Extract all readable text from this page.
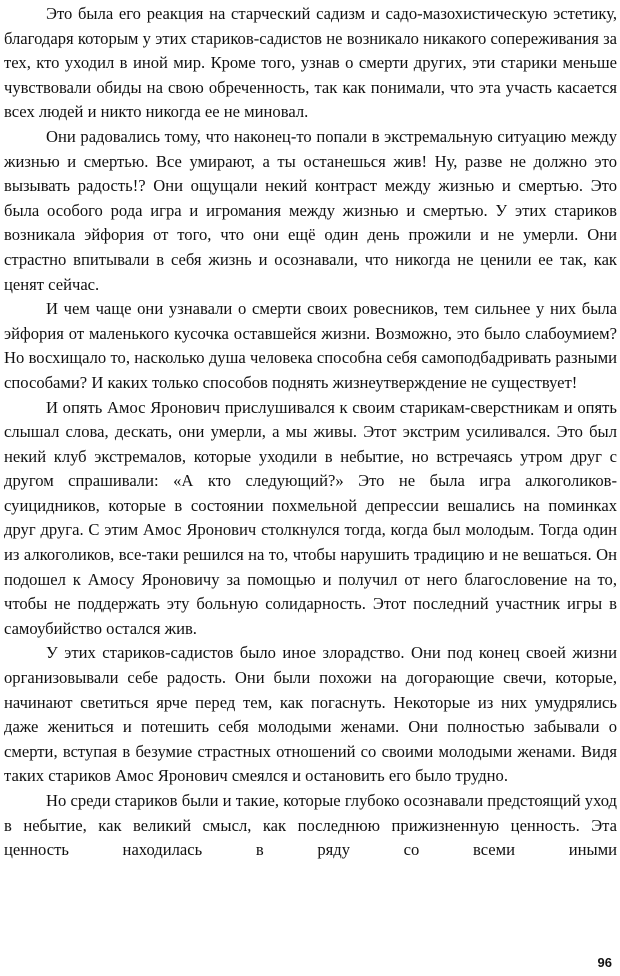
Это была его реакция на старческий садизм и садо-мазохистическую эстетику, благодаря которым у этих стариков-садистов не возникало никакого сопереживания за тех, кто уходил в иной мир. Кроме того, узнав о смерти других, эти старики меньше чувствовали обиды на свою обреченность, так как понимали, что эта участь касается всех людей и никто никогда ее не миновал.

Они радовались тому, что наконец-то попали в экстремальную ситуацию между жизнью и смертью. Все умирают, а ты останешься жив! Ну, разве не должно это вызывать радость!? Они ощущали некий контраст между жизнью и смертью. Это была особого рода игра и игромания между жизнью и смертью. У этих стариков возникала эйфория от того, что они ещё один день прожили и не умерли. Они страстно впитывали в себя жизнь и осознавали, что никогда не ценили ее так, как ценят сейчас.

И чем чаще они узнавали о смерти своих ровесников, тем сильнее у них была эйфория от маленького кусочка оставшейся жизни. Возможно, это было слабоумием? Но восхищало то, насколько душа человека способна себя самоподбадривать разными способами? И каких только способов поднять жизнеутверждение не существует!

И опять Амос Яронович прислушивался к своим старикам-сверстникам и опять слышал слова, дескать, они умерли, а мы живы. Этот экстрим усиливался. Это был некий клуб экстремалов, которые уходили в небытие, но встречаясь утром друг с другом спрашивали: «А кто следующий?» Это не была игра алкоголиков-суицидников, которые в состоянии похмельной депрессии вешались на поминках друг друга. С этим Амос Яронович столкнулся тогда, когда был молодым. Тогда один из алкоголиков, все-таки решился на то, чтобы нарушить традицию и не вешаться. Он подошел к Амосу Яроновичу за помощью и получил от него благословение на то, чтобы не поддержать эту больную солидарность. Этот последний участник игры в самоубийство остался жив.

У этих стариков-садистов было иное злорадство. Они под конец своей жизни организовывали себе радость. Они были похожи на догорающие свечи, которые, начинают светиться ярче перед тем, как погаснуть. Некоторые из них умудрялись даже жениться и потешить себя молодыми женами. Они полностью забывали о смерти, вступая в безумие страстных отношений со своими молодыми женами. Видя таких стариков Амос Яронович смеялся и остановить его было трудно.

Но среди стариков были и такие, которые глубоко осознавали предстоящий уход в небытие, как великий смысл, как последнюю прижизненную ценность. Эта ценность находилась в ряду со всеми иными

96
